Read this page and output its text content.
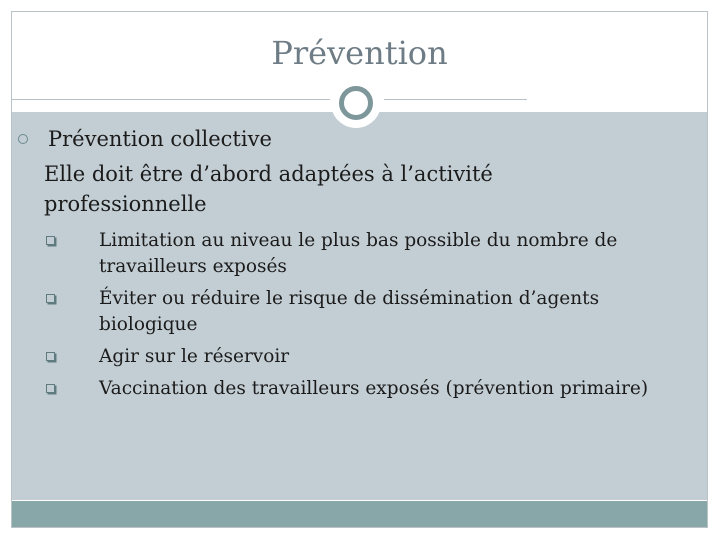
Prévention
Prévention collective
Elle doit être d’abord adaptées à l’activité professionnelle
Limitation au niveau le plus bas possible du nombre de travailleurs exposés
Éviter ou réduire le risque de dissémination d’agents biologique
Agir sur le réservoir
Vaccination des travailleurs exposés (prévention primaire)
